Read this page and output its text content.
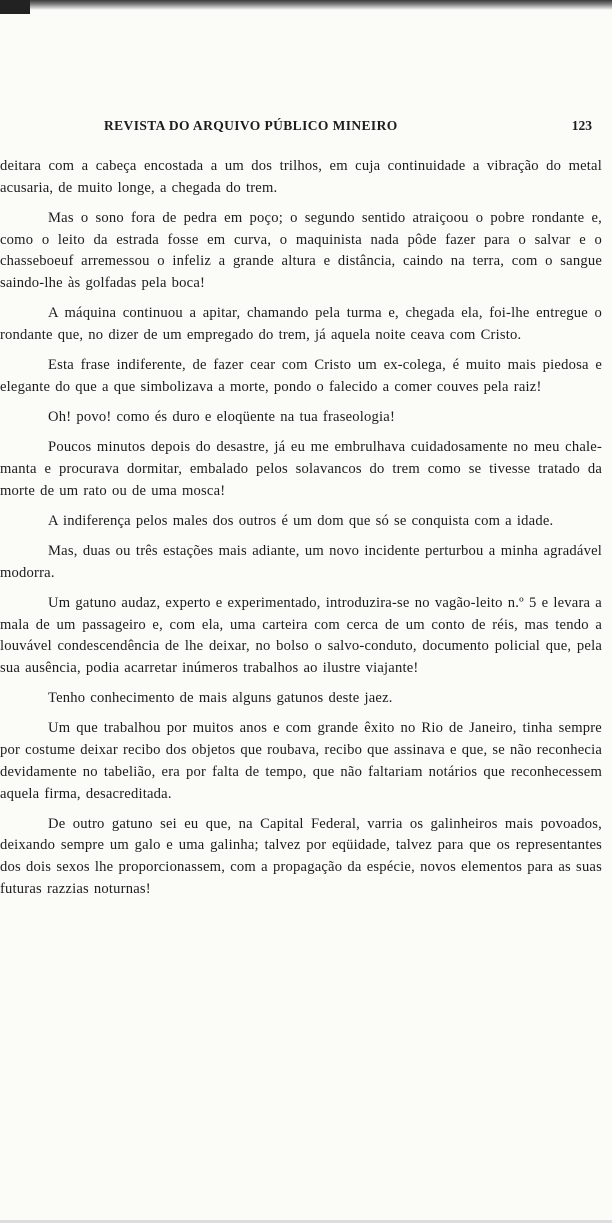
REVISTA DO ARQUIVO PÚBLICO MINEIRO	123

deitara com a cabeça encostada a um dos trilhos, em cuja continuidade a vibração do metal acusaria, de muito longe, a chegada do trem.

Mas o sono fora de pedra em poço; o segundo sentido atraiçoou o pobre rondante e, como o leito da estrada fosse em curva, o maquinista nada pôde fazer para o salvar e o chasseboeuf arremessou o infeliz a grande altura e distância, caindo na terra, com o sangue saindo-lhe às golfadas pela boca!

A máquina continuou a apitar, chamando pela turma e, chegada ela, foi-lhe entregue o rondante que, no dizer de um empregado do trem, já aquela noite ceava com Cristo.

Esta frase indiferente, de fazer cear com Cristo um ex-colega, é muito mais piedosa e elegante do que a que simbolizava a morte, pondo o falecido a comer couves pela raiz!

Oh! povo! como és duro e eloqüente na tua fraseologia!

Poucos minutos depois do desastre, já eu me embrulhava cuidadosamente no meu chale-manta e procurava dormitar, embalado pelos solavancos do trem como se tivesse tratado da morte de um rato ou de uma mosca!

A indiferença pelos males dos outros é um dom que só se conquista com a idade.

Mas, duas ou três estações mais adiante, um novo incidente perturbou a minha agradável modorra.

Um gatuno audaz, experto e experimentado, introduzira-se no vagão-leito n.º 5 e levara a mala de um passageiro e, com ela, uma carteira com cerca de um conto de réis, mas tendo a louvável condescendência de lhe deixar, no bolso o salvo-conduto, documento policial que, pela sua ausência, podia acarretar inúmeros trabalhos ao ilustre viajante!

Tenho conhecimento de mais alguns gatunos deste jaez.

Um que trabalhou por muitos anos e com grande êxito no Rio de Janeiro, tinha sempre por costume deixar recibo dos objetos que roubava, recibo que assinava e que, se não reconhecia devidamente no tabelião, era por falta de tempo, que não faltariam notários que reconhecessem aquela firma, desacreditada.

De outro gatuno sei eu que, na Capital Federal, varria os galinheiros mais povoados, deixando sempre um galo e uma galinha; talvez por eqüidade, talvez para que os representantes dos dois sexos lhe proporcionassem, com a propagação da espécie, novos elementos para as suas futuras razzias noturnas!
